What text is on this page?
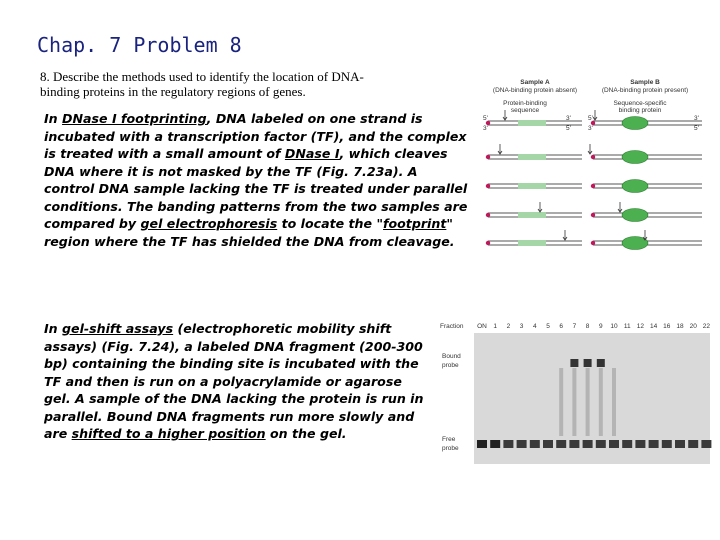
Chap. 7 Problem 8
8. Describe the methods used to identify the location of DNA-binding proteins in the regulatory regions of genes.
In DNase I footprinting, DNA labeled on one strand is incubated with a transcription factor (TF), and the complex is treated with a small amount of DNase I, which cleaves DNA where it is not masked by the TF (Fig. 7.23a). A control DNA sample lacking the TF is treated under parallel conditions. The banding patterns from the two samples are compared by gel electrophoresis to locate the "footprint" region where the TF has shielded the DNA from cleavage.
In gel-shift assays (electrophoretic mobility shift assays) (Fig. 7.24), a labeled DNA fragment (200-300 bp) containing the binding site is incubated with the TF and then is run on a polyacrylamide or agarose gel. A sample of the DNA lacking the protein is run in parallel. Bound DNA fragments run more slowly and are shifted to a higher position on the gel.
Sample A
(DNA-binding protein absent)
Sample B
(DNA-binding protein present)
Protein-binding
sequence
Sequence-specific
binding protein
5'
3'
3'
5'
5'
3'
3'
5'
Fraction ON 1 2 3 4 5 6 7 8 9 10 11 12 14 16 18 20 22
Bound
probe
Free
probe
